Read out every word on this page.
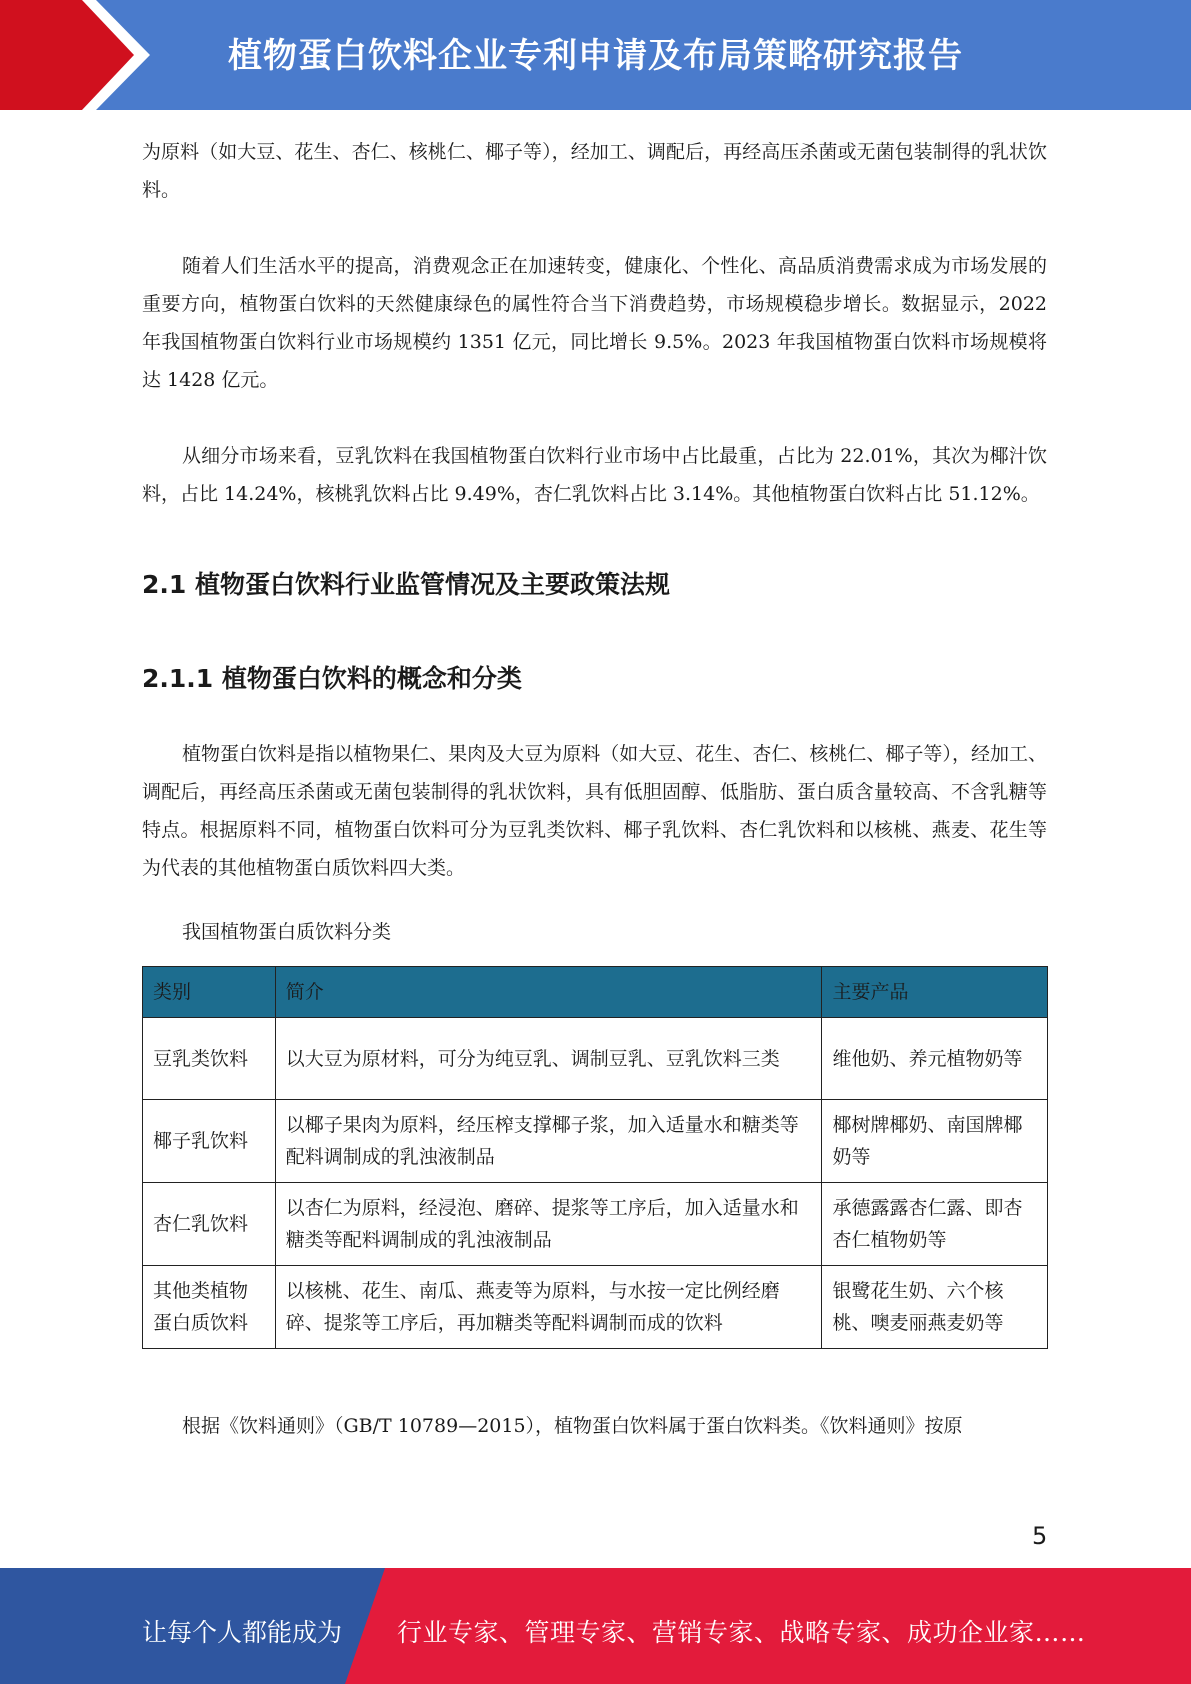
植物蛋白饮料企业专利申请及布局策略研究报告

为原料（如大豆、花生、杏仁、核桃仁、椰子等），经加工、调配后，再经高压杀菌或无菌包装制得的乳状饮料。

随着人们生活水平的提高，消费观念正在加速转变，健康化、个性化、高品质消费需求成为市场发展的重要方向，植物蛋白饮料的天然健康绿色的属性符合当下消费趋势，市场规模稳步增长。数据显示，2022 年我国植物蛋白饮料行业市场规模约 1351 亿元，同比增长 9.5%。2023 年我国植物蛋白饮料市场规模将达 1428 亿元。

从细分市场来看，豆乳饮料在我国植物蛋白饮料行业市场中占比最重，占比为 22.01%，其次为椰汁饮料，占比 14.24%，核桃乳饮料占比 9.49%，杏仁乳饮料占比 3.14%。其他植物蛋白饮料占比 51.12%。

2.1 植物蛋白饮料行业监管情况及主要政策法规
2.1.1 植物蛋白饮料的概念和分类

植物蛋白饮料是指以植物果仁、果肉及大豆为原料（如大豆、花生、杏仁、核桃仁、椰子等），经加工、调配后，再经高压杀菌或无菌包装制得的乳状饮料，具有低胆固醇、低脂肪、蛋白质含量较高、不含乳糖等特点。根据原料不同，植物蛋白饮料可分为豆乳类饮料、椰子乳饮料、杏仁乳饮料和以核桃、燕麦、花生等为代表的其他植物蛋白质饮料四大类。

我国植物蛋白质饮料分类

类别	简介	主要产品
豆乳类饮料	以大豆为原材料，可分为纯豆乳、调制豆乳、豆乳饮料三类	维他奶、养元植物奶等
椰子乳饮料	以椰子果肉为原料，经压榨支撑椰子浆，加入适量水和糖类等配料调制成的乳浊液制品	椰树牌椰奶、南国牌椰奶等
杏仁乳饮料	以杏仁为原料，经浸泡、磨碎、提浆等工序后，加入适量水和糖类等配料调制成的乳浊液制品	承德露露杏仁露、即杏杏仁植物奶等
其他类植物蛋白质饮料	以核桃、花生、南瓜、燕麦等为原料，与水按一定比例经磨碎、提浆等工序后，再加糖类等配料调制而成的饮料	银鹭花生奶、六个核桃、噢麦丽燕麦奶等

根据《饮料通则》（GB/T 10789—2015），植物蛋白饮料属于蛋白饮料类。《饮料通则》按原

5
让每个人都能成为 行业专家、管理专家、营销专家、战略专家、成功企业家……
